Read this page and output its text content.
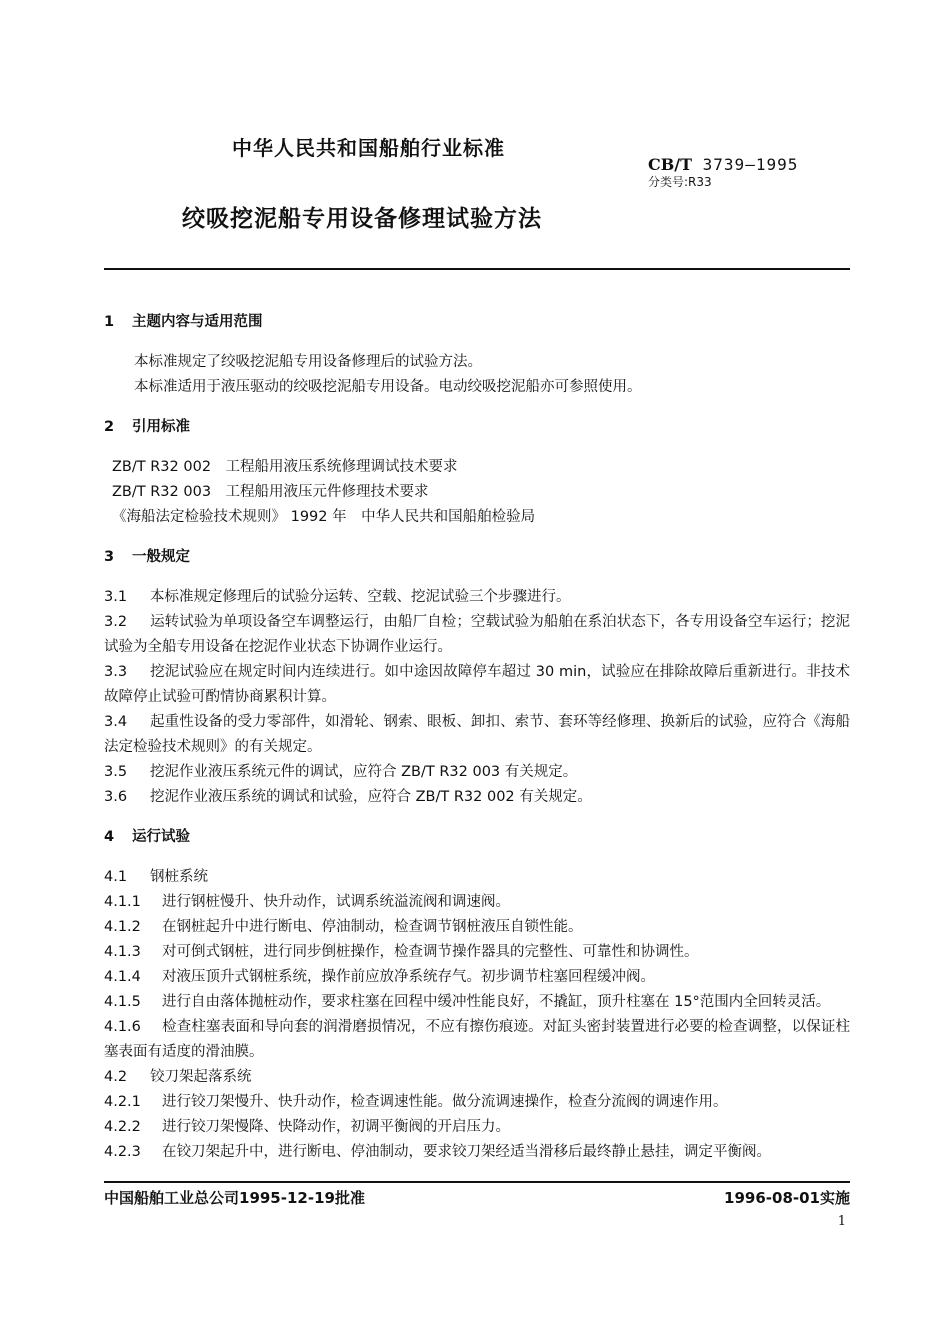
中华人民共和国船舶行业标准
CB/T 3739—1995
分类号:R33
绞吸挖泥船专用设备修理试验方法
1 主题内容与适用范围
本标准规定了绞吸挖泥船专用设备修理后的试验方法。
本标准适用于液压驱动的绞吸挖泥船专用设备。电动绞吸挖泥船亦可参照使用。
2 引用标准
ZB/T R32 002　工程船用液压系统修理调试技术要求
ZB/T R32 003　工程船用液压元件修理技术要求
《海船法定检验技术规则》 1992 年　中华人民共和国船舶检验局
3 一般规定
3.1 本标准规定修理后的试验分运转、空载、挖泥试验三个步骤进行。
3.2 运转试验为单项设备空车调整运行，由船厂自检；空载试验为船舶在系泊状态下，各专用设备空车运行；挖泥试验为全船专用设备在挖泥作业状态下协调作业运行。
3.3 挖泥试验应在规定时间内连续进行。如中途因故障停车超过 30 min，试验应在排除故障后重新进行。非技术故障停止试验可酌情协商累积计算。
3.4 起重性设备的受力零部件，如滑轮、钢索、眼板、卸扣、索节、套环等经修理、换新后的试验，应符合《海船法定检验技术规则》的有关规定。
3.5 挖泥作业液压系统元件的调试，应符合 ZB/T R32 003 有关规定。
3.6 挖泥作业液压系统的调试和试验，应符合 ZB/T R32 002 有关规定。
4 运行试验
4.1 钢桩系统
4.1.1 进行钢桩慢升、快升动作，试调系统溢流阀和调速阀。
4.1.2 在钢桩起升中进行断电、停油制动，检查调节钢桩液压自锁性能。
4.1.3 对可倒式钢桩，进行同步倒桩操作，检查调节操作器具的完整性、可靠性和协调性。
4.1.4 对液压顶升式钢桩系统，操作前应放净系统存气。初步调节柱塞回程缓冲阀。
4.1.5 进行自由落体抛桩动作，要求柱塞在回程中缓冲性能良好，不撬缸，顶升柱塞在 15°范围内全回转灵活。
4.1.6 检查柱塞表面和导向套的润滑磨损情况，不应有擦伤痕迹。对缸头密封装置进行必要的检查调整，以保证柱塞表面有适度的滑油膜。
4.2 铰刀架起落系统
4.2.1 进行铰刀架慢升、快升动作，检查调速性能。做分流调速操作，检查分流阀的调速作用。
4.2.2 进行铰刀架慢降、快降动作，初调平衡阀的开启压力。
4.2.3 在铰刀架起升中，进行断电、停油制动，要求铰刀架经适当滑移后最终静止悬挂，调定平衡阀。
中国船舶工业总公司1995-12-19批准	1996-08-01实施
1
